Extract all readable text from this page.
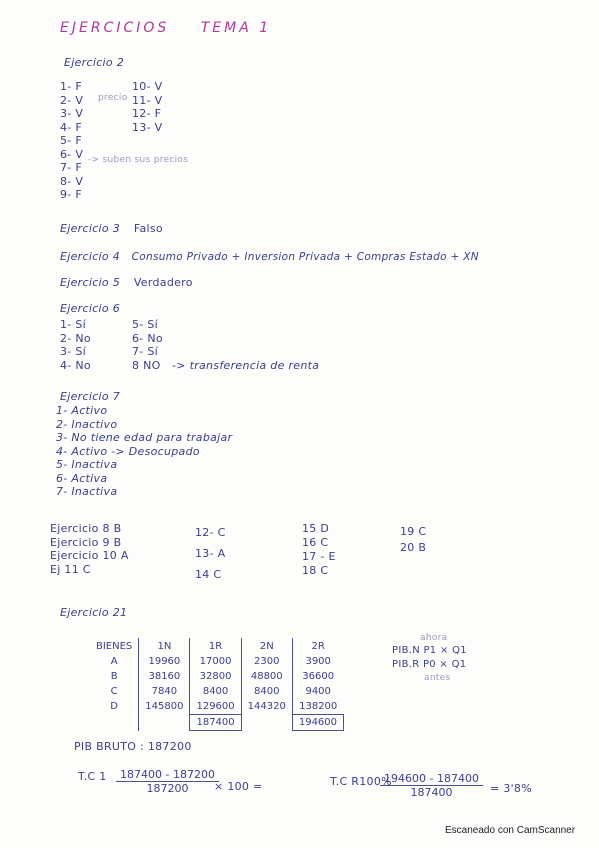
EJERCICIOS TEMA 1
Ejercicio 2
1- F
2- V
3- V
4- F
5- F
6- V
7- F
8- V
9- F
precio
-> suben sus precios
10- V
11- V
12- F
13- V
Ejercicio 3 Falso
Ejercicio 4 Consumo Privado + Inversion Privada + Compras Estado + XN
Ejercicio 5 Verdadero
Ejercicio 6
1- Sí
2- No
3- Sí
4- No
5- Sí
6- No
7- Sí
8 NO -> transferencia de renta
Ejercicio 7
1- Activo
2- Inactivo
3- No tiene edad para trabajar
4- Activo -> Desocupado
5- Inactiva
6- Activa
7- Inactiva
Ejercicio 8 B
Ejercicio 9 B
Ejercicio 10 A
Ej 11 C
12- C
13- A
14 C
15 D
16 C
17 - E
18 C
19 C
20 B
Ejercicio 21
BIENES	1N	1R	2N	2R
A	19960	17000	2300	3900
B	38160	32800	48800	36600
C	7840	8400	8400	9400
D	145800	129600	144320	138200
		187400		194600
ahora
PIB.N P1 × Q1
PIB.R P0 × Q1
antes
PIB BRUTO : 187200
T.C $1 \frac{187400 - 187200}{187200}$
× 100 =	T.C R100%
$\frac{194600 - 187400}{187400} = 3'8\%$
Escaneado con CamScanner
